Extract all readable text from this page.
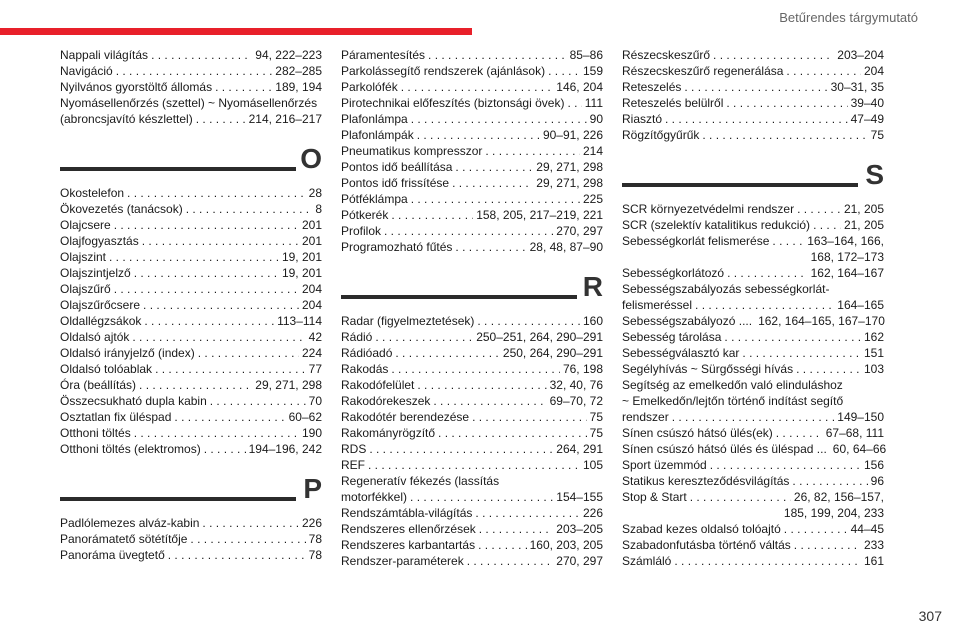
Betűrendes tárgymutató
Nappali világítás . . .	94, 222–223
Navigáció . . .	282–285
Nyilvános gyorstöltő állomás . . .	189, 194
Nyomásellenőrzés (szettel) ~ Nyomásellenőrzés
(abroncsjavító készlettel) . . .	214, 216–217
O
Okostelefon . . .	28
Ökovezetés (tanácsok) . . .	8
Olajcsere . . .	201
Olajfogyasztás . . .	201
Olajszint . . .	19, 201
Olajszintjelző . . .	19, 201
Olajszűrő . . .	204
Olajszűrőcsere . . .	204
Oldallégzsákok . . .	113–114
Oldalsó ajtók . . .	42
Oldalsó irányjelző (index) . . .	224
Oldalsó tolóablak . . .	77
Óra (beállítás) . . .	29, 271, 298
Összecsukható dupla kabin . . .	70
Osztatlan fix üléspad . . .	60–62
Otthoni töltés . . .	190
Otthoni töltés (elektromos) . . .	194–196, 242
P
Padlólemezes alváz-kabin . . .	226
Panorámatető sötétítője . . .	78
Panoráma üvegtető . . .	78
Páramentesítés . . .	85–86
Parkolássegítő rendszerek (ajánlások) . . .	159
Parkolófék . . .	146, 204
Pirotechnikai előfeszítés (biztonsági övek) . . . 111
Plafonlámpa . . .	90
Plafonlámpák . . .	90–91, 226
Pneumatikus kompresszor . . .	214
Pontos idő beállítása . . .	29, 271, 298
Pontos idő frissítése . . .	29, 271, 298
Pótféklámpa . . .	225
Pótkerék . . .	158, 205, 217–219, 221
Profilok . . .	270, 297
Programozható fűtés . . .	28, 48, 87–90
R
Radar (figyelmeztetések) . . .	160
Rádió . . .	250–251, 264, 290–291
Rádióadó . . .	250, 264, 290–291
Rakodás . . .	76, 198
Rakodófelület . . .	32, 40, 76
Rakodórekeszek . . .	69–70, 72
Rakodótér berendezése . . .	75
Rakományrögzítő . . .	75
RDS . . .	264, 291
REF . . .	105
Regeneratív fékezés (lassítás
motorfékkel) . . .	154–155
Rendszámtábla-világítás . . .	226
Rendszeres ellenőrzések . . .	203–205
Rendszeres karbantartás . . .	160, 203, 205
Rendszer-paraméterek . . .	270, 297
Részecskeszűrő . . .	203–204
Részecskeszűrő regenerálása . . .	204
Reteszelés . . .	30–31, 35
Reteszelés belülről . . .	39–40
Riasztó . . .	47–49
Rögzítőgyűrűk . . .	75
S
SCR környezetvédelmi rendszer . . .	21, 205
SCR (szelektív katalitikus redukció) . . .	21, 205
Sebességkorlát felismerése . . .	163–164, 166,
168, 172–173
Sebességkorlátozó . . .	162, 164–167
Sebességszabályozás sebességkorlát-
felismeréssel . . .	164–165
Sebességszabályozó .... 162, 164–165, 167–170
Sebesség tárolása . . .	162
Sebességválasztó kar . . .	151
Segélyhívás ~ Sürgősségi hívás . . .	103
Segítség az emelkedőn való elinduláshoz
~ Emelkedőn/lejtőn történő indítást segítő
rendszer . . .	149–150
Sínen csúszó hátsó ülés(ek) . . .	67–68, 111
Sínen csúszó hátsó ülés és üléspad ... 60, 64–66
Sport üzemmód . . .	156
Statikus kereszteződésvilágítás . . .	96
Stop & Start . . .	26, 82, 156–157,
185, 199, 204, 233
Szabad kezes oldalsó tolóajtó . . .	44–45
Szabadonfutásba történő váltás . . .	233
Számláló . . .	161
307
